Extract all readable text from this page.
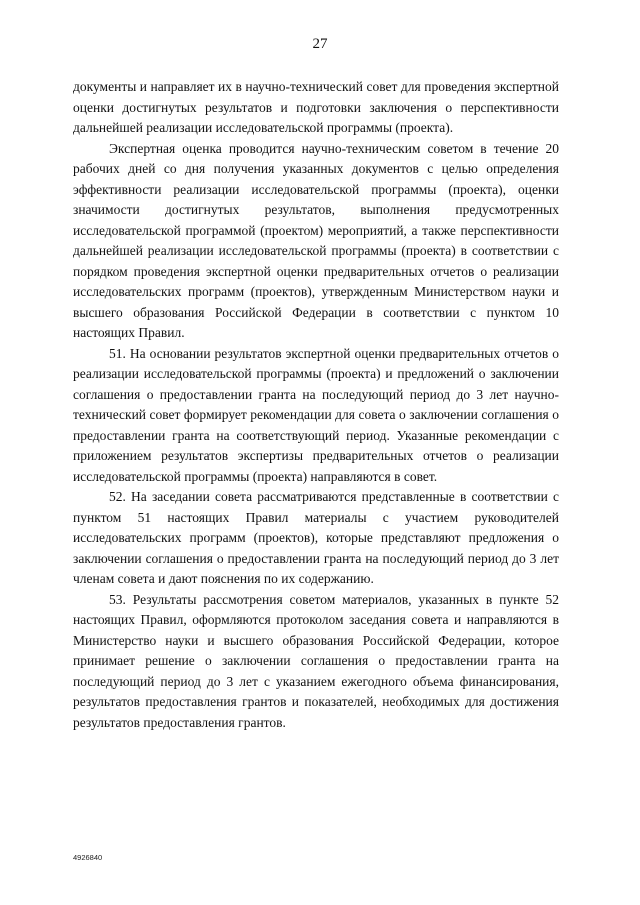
27

документы и направляет их в научно-технический совет для проведения экспертной оценки достигнутых результатов и подготовки заключения о перспективности дальнейшей реализации исследовательской программы (проекта).

Экспертная оценка проводится научно-техническим советом в течение 20 рабочих дней со дня получения указанных документов с целью определения эффективности реализации исследовательской программы (проекта), оценки значимости достигнутых результатов, выполнения предусмотренных исследовательской программой (проектом) мероприятий, а также перспективности дальнейшей реализации исследовательской программы (проекта) в соответствии с порядком проведения экспертной оценки предварительных отчетов о реализации исследовательских программ (проектов), утвержденным Министерством науки и высшего образования Российской Федерации в соответствии с пунктом 10 настоящих Правил.

51. На основании результатов экспертной оценки предварительных отчетов о реализации исследовательской программы (проекта) и предложений о заключении соглашения о предоставлении гранта на последующий период до 3 лет научно-технический совет формирует рекомендации для совета о заключении соглашения о предоставлении гранта на соответствующий период. Указанные рекомендации с приложением результатов экспертизы предварительных отчетов о реализации исследовательской программы (проекта) направляются в совет.

52. На заседании совета рассматриваются представленные в соответствии с пунктом 51 настоящих Правил материалы с участием руководителей исследовательских программ (проектов), которые представляют предложения о заключении соглашения о предоставлении гранта на последующий период до 3 лет членам совета и дают пояснения по их содержанию.

53. Результаты рассмотрения советом материалов, указанных в пункте 52 настоящих Правил, оформляются протоколом заседания совета и направляются в Министерство науки и высшего образования Российской Федерации, которое принимает решение о заключении соглашения о предоставлении гранта на последующий период до 3 лет с указанием ежегодного объема финансирования, результатов предоставления грантов и показателей, необходимых для достижения результатов предоставления грантов.

4926840
